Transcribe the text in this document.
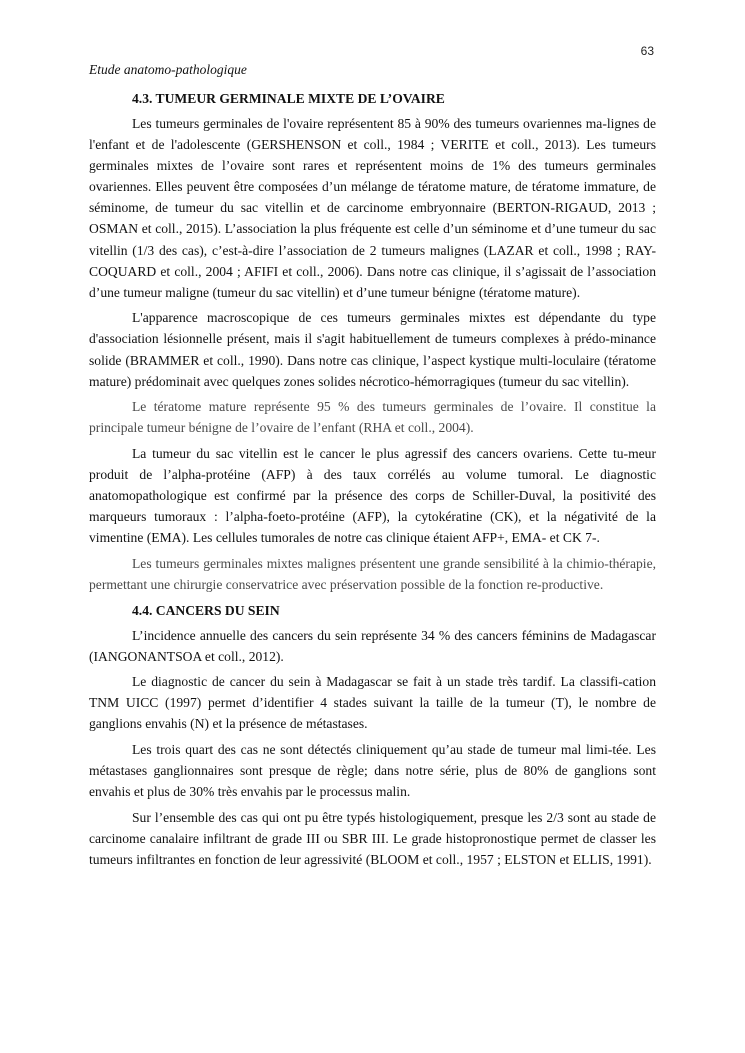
63
Etude anatomo-pathologique
4.3. TUMEUR GERMINALE MIXTE DE L’OVAIRE

Les tumeurs germinales de l'ovaire représentent 85 à 90% des tumeurs ovariennes ma-lignes de l'enfant et de l'adolescente (GERSHENSON et coll., 1984 ; VERITE et coll., 2013). Les tumeurs germinales mixtes de l’ovaire sont rares et représentent moins de 1% des tumeurs germinales ovariennes. Elles peuvent être composées d’un mélange de tératome mature, de tératome immature, de séminome, de tumeur du sac vitellin et de carcinome embryonnaire (BERTON-RIGAUD, 2013 ; OSMAN et coll., 2015). L’association la plus fréquente est celle d’un séminome et d’une tumeur du sac vitellin (1/3 des cas), c’est-à-dire l’association de 2 tumeurs malignes (LAZAR et coll., 1998 ; RAY-COQUARD et coll., 2004 ; AFIFI et coll., 2006). Dans notre cas clinique, il s’agissait de l’association d’une tumeur maligne (tumeur du sac vitellin) et d’une tumeur bénigne (tératome mature).

L'apparence macroscopique de ces tumeurs germinales mixtes est dépendante du type d'association lésionnelle présent, mais il s'agit habituellement de tumeurs complexes à prédo-minance solide (BRAMMER et coll., 1990). Dans notre cas clinique, l’aspect kystique multi-loculaire (tératome mature) prédominait avec quelques zones solides nécrotico-hémorragiques (tumeur du sac vitellin).

Le tératome mature représente 95 % des tumeurs germinales de l’ovaire. Il constitue la principale tumeur bénigne de l’ovaire de l’enfant (RHA et coll., 2004).

La tumeur du sac vitellin est le cancer le plus agressif des cancers ovariens. Cette tu-meur produit de l’alpha-protéine (AFP) à des taux corrélés au volume tumoral. Le diagnostic anatomopathologique est confirmé par la présence des corps de Schiller-Duval, la positivité des marqueurs tumoraux : l’alpha-foeto-protéine (AFP), la cytokératine (CK), et la négativité de la vimentine (EMA). Les cellules tumorales de notre cas clinique étaient AFP+, EMA- et CK 7-.

Les tumeurs germinales mixtes malignes présentent une grande sensibilité à la chimio-thérapie, permettant une chirurgie conservatrice avec préservation possible de la fonction re-productive.

4.4. CANCERS DU SEIN

L’incidence annuelle des cancers du sein représente 34 % des cancers féminins de Madagascar (IANGONANTSOA et coll., 2012).

Le diagnostic de cancer du sein à Madagascar se fait à un stade très tardif. La classifi-cation TNM UICC (1997) permet d’identifier 4 stades suivant la taille de la tumeur (T), le nombre de ganglions envahis (N) et la présence de métastases.

Les trois quart des cas ne sont détectés cliniquement qu’au stade de tumeur mal limi-tée. Les métastases ganglionnaires sont presque de règle; dans notre série, plus de 80% de ganglions sont envahis et plus de 30% très envahis par le processus malin.

Sur l’ensemble des cas qui ont pu être typés histologiquement, presque les 2/3 sont au stade de carcinome canalaire infiltrant de grade III ou SBR III. Le grade histopronostique permet de classer les tumeurs infiltrantes en fonction de leur agressivité (BLOOM et coll., 1957 ; ELSTON et ELLIS, 1991).
